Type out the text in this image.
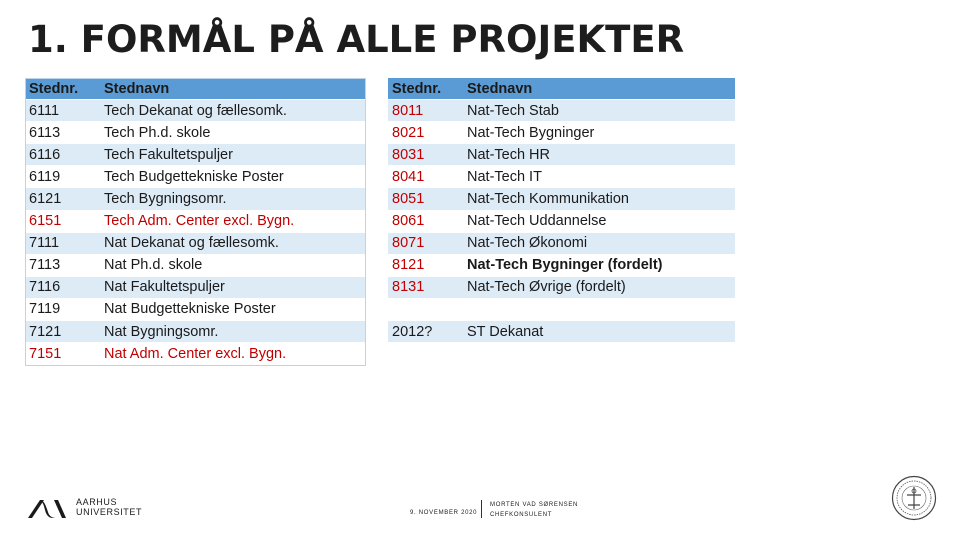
1. FORMÅL PÅ ALLE PROJEKTER
Stednr.	Stednavn
6111	Tech Dekanat og fællesomk.
6113	Tech Ph.d. skole
6116	Tech Fakultetspuljer
6119	Tech Budgettekniske Poster
6121	Tech Bygningsomr.
6151	Tech Adm. Center excl. Bygn.
7111	Nat Dekanat og fællesomk.
7113	Nat Ph.d. skole
7116	Nat Fakultetspuljer
7119	Nat Budgettekniske Poster
7121	Nat Bygningsomr.
7151	Nat Adm. Center excl. Bygn.
Stednr.	Stednavn
8011	Nat-Tech Stab
8021	Nat-Tech Bygninger
8031	Nat-Tech HR
8041	Nat-Tech IT
8051	Nat-Tech Kommunikation
8061	Nat-Tech Uddannelse
8071	Nat-Tech Økonomi
8121	Nat-Tech Bygninger (fordelt)
8131	Nat-Tech Øvrige (fordelt)

2012?	ST Dekanat
AARHUS
UNIVERSITET	9. NOVEMBER 2020
MORTEN VAD SØRENSEN
CHEFKONSULENT
